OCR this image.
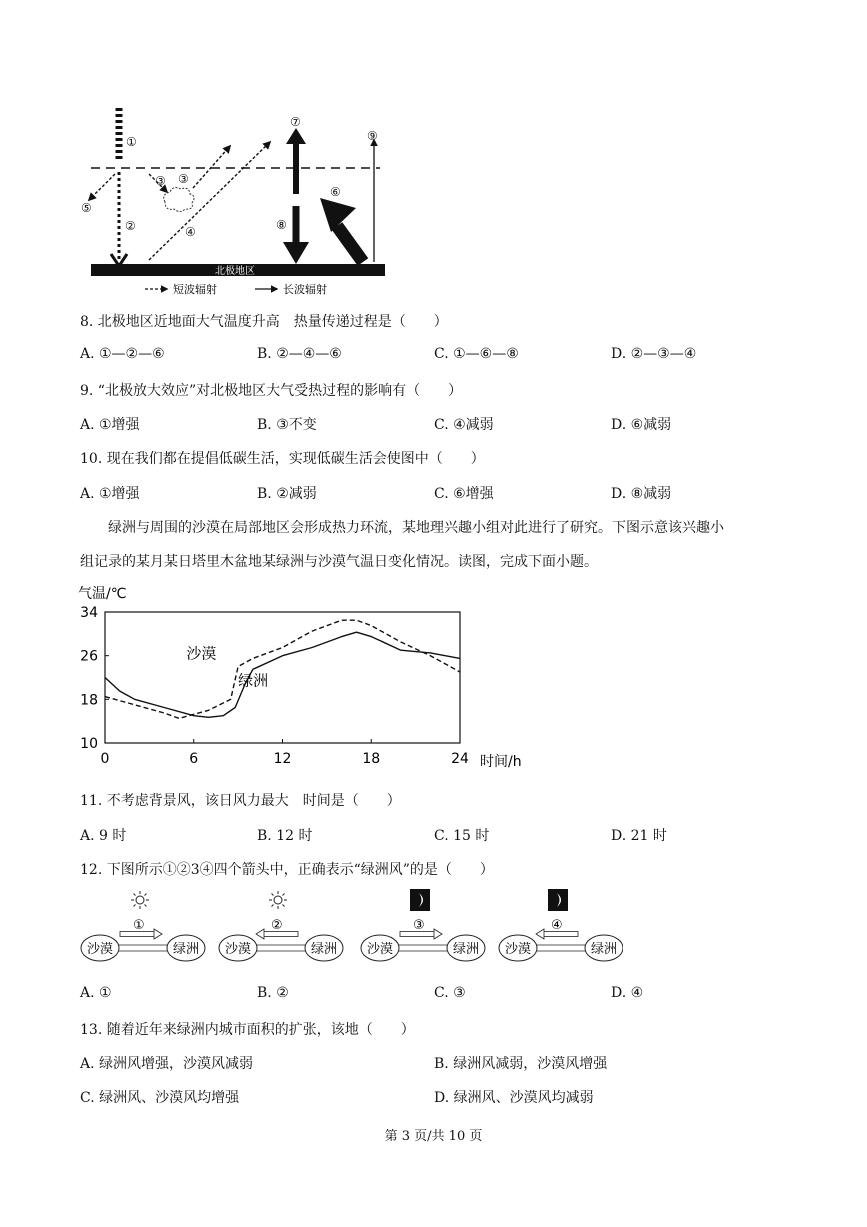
北极地区
①
②
③ ③
④
⑤
⑥
⑦
⑧
⑨
短波辐射	长波辐射
8. 北极地区近地面大气温度升高　热量传递过程是（　　）
A. ①—②—⑥	B. ②—④—⑥	C. ①—⑥—⑧	D. ②—③—④
9. “北极放大效应”对北极地区大气受热过程的影响有（　　）
A. ①增强	B. ③不变	C. ④减弱	D. ⑥减弱
10. 现在我们都在提倡低碳生活，实现低碳生活会使图中（　　）
A. ①增强	B. ②减弱	C. ⑥增强	D. ⑧减弱
绿洲与周围的沙漠在局部地区会形成热力环流，某地理兴趣小组对此进行了研究。下图示意该兴趣小
组记录的某月某日塔里木盆地某绿洲与沙漠气温日变化情况。读图，完成下面小题。
气温/℃
时间/h
0	6	12	18	24
34
26
18
10
沙漠
绿洲
11. 不考虑背景风，该日风力最大　时间是（　　）
A. 9 时	B. 12 时	C. 15 时	D. 21 时
12. 下图所示①②3④四个箭头中，正确表示“绿洲风”的是（　　）
①
沙漠	绿洲
②
沙漠	绿洲
③
沙漠	绿洲
④
沙漠	绿洲
A. ①	B. ②	C. ③	D. ④
13. 随着近年来绿洲内城市面积的扩张，该地（　　）
A. 绿洲风增强，沙漠风减弱	B. 绿洲风减弱，沙漠风增强
C. 绿洲风、沙漠风均增强	D. 绿洲风、沙漠风均减弱
第 3 页/共 10 页
